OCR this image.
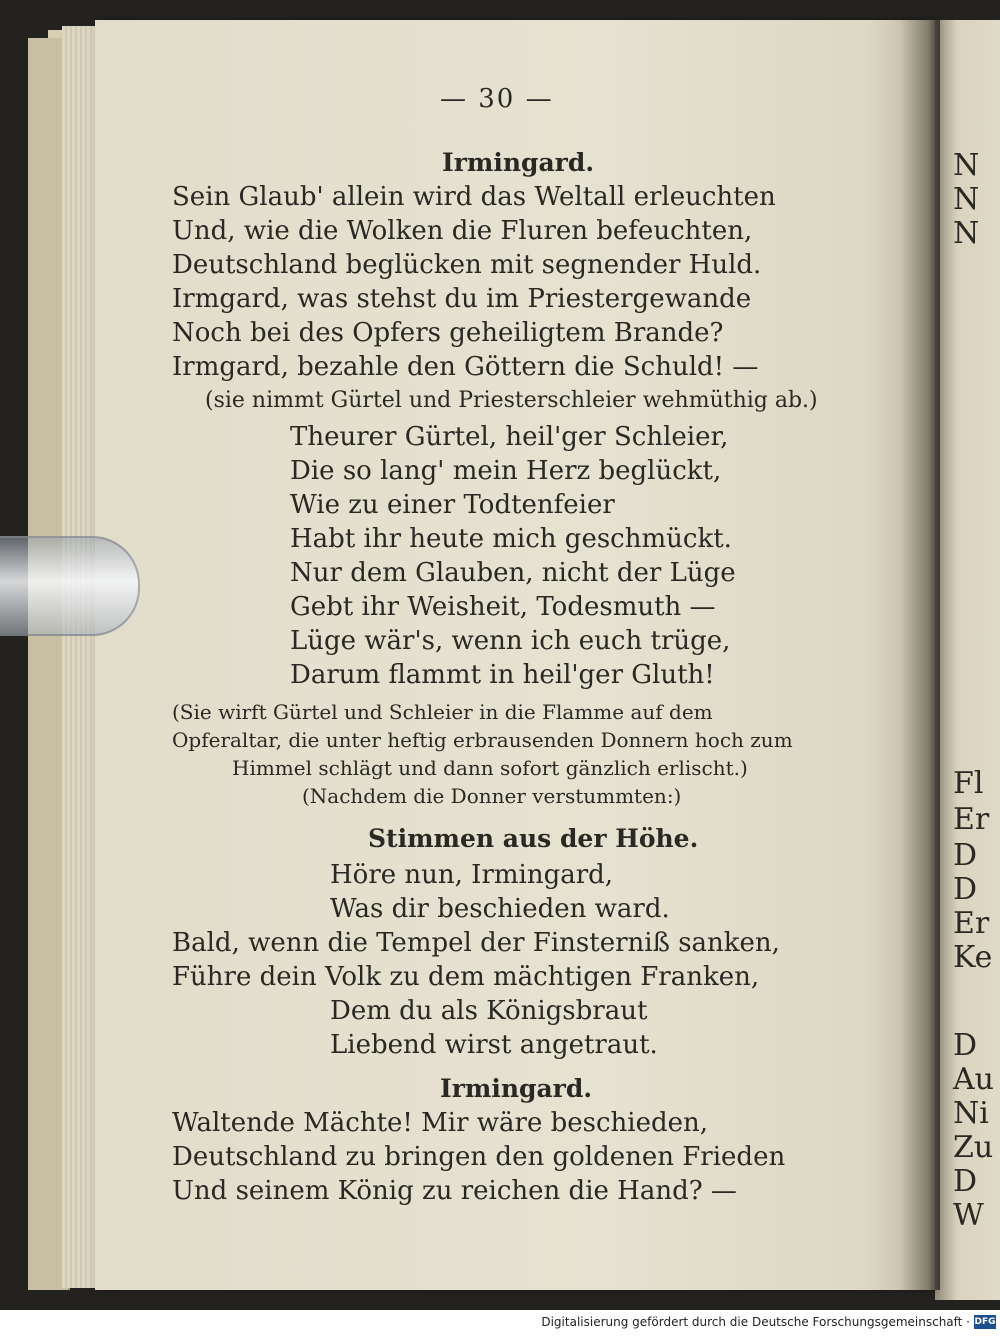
N
N
N
Fl
Er
D
D
Er
Ke
D
Au
Ni
Zu
D
W
— 30 —
Irmingard.
Sein Glaub' allein wird das Weltall erleuchten
Und, wie die Wolken die Fluren befeuchten,
Deutschland beglücken mit segnender Huld.
Irmgard, was stehst du im Priestergewande
Noch bei des Opfers geheiligtem Brande?
Irmgard, bezahle den Göttern die Schuld! —
(sie nimmt Gürtel und Priesterschleier wehmüthig ab.)
Theurer Gürtel, heil'ger Schleier,
Die so lang' mein Herz beglückt,
Wie zu einer Todtenfeier
Habt ihr heute mich geschmückt.
Nur dem Glauben, nicht der Lüge
Gebt ihr Weisheit, Todesmuth —
Lüge wär's, wenn ich euch trüge,
Darum flammt in heil'ger Gluth!
(Sie wirft Gürtel und Schleier in die Flamme auf dem
Opferaltar, die unter heftig erbrausenden Donnern hoch zum
Himmel schlägt und dann sofort gänzlich erlischt.)
(Nachdem die Donner verstummten:)
Stimmen aus der Höhe.
Höre nun, Irmingard,
Was dir beschieden ward.
Bald, wenn die Tempel der Finsterniß sanken,
Führe dein Volk zu dem mächtigen Franken,
Dem du als Königsbraut
Liebend wirst angetraut.
Irmingard.
Waltende Mächte! Mir wäre beschieden,
Deutschland zu bringen den goldenen Frieden
Und seinem König zu reichen die Hand? —
Digitalisierung gefördert durch die Deutsche Forschungsgemeinschaft · DFG
